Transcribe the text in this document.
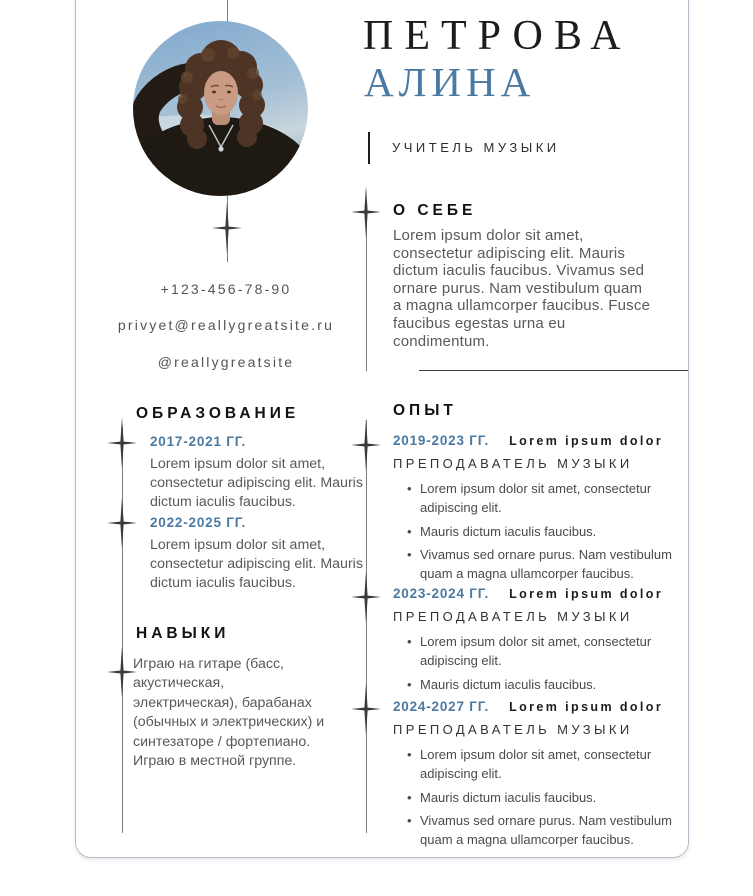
ПЕТРОВА
АЛИНА
УЧИТЕЛЬ МУЗЫКИ
+123-456-78-90
privyet@reallygreatsite.ru
@reallygreatsite
О СЕБЕ
Lorem ipsum dolor sit amet, consectetur adipiscing elit. Mauris dictum iaculis faucibus. Vivamus sed ornare purus. Nam vestibulum quam a magna ullamcorper faucibus. Fusce faucibus egestas urna eu condimentum.
ОБРАЗОВАНИЕ
2017-2021 ГГ.
Lorem ipsum dolor sit amet, consectetur adipiscing elit. Mauris dictum iaculis faucibus.
2022-2025 ГГ.
Lorem ipsum dolor sit amet, consectetur adipiscing elit. Mauris dictum iaculis faucibus.
НАВЫКИ
Играю на гитаре (басс, акустическая, электрическая), барабанах (обычных и электрических) и синтезаторе / фортепиано. Играю в местной группе.
ОПЫТ
2019-2023 ГГ. Lorem ipsum dolor
ПРЕПОДАВАТЕЛЬ МУЗЫКИ
• Lorem ipsum dolor sit amet, consectetur adipiscing elit.
• Mauris dictum iaculis faucibus.
• Vivamus sed ornare purus. Nam vestibulum quam a magna ullamcorper faucibus.
2023-2024 ГГ. Lorem ipsum dolor
ПРЕПОДАВАТЕЛЬ МУЗЫКИ
• Lorem ipsum dolor sit amet, consectetur adipiscing elit.
• Mauris dictum iaculis faucibus.
2024-2027 ГГ. Lorem ipsum dolor
ПРЕПОДАВАТЕЛЬ МУЗЫКИ
• Lorem ipsum dolor sit amet, consectetur adipiscing elit.
• Mauris dictum iaculis faucibus.
• Vivamus sed ornare purus. Nam vestibulum quam a magna ullamcorper faucibus.
